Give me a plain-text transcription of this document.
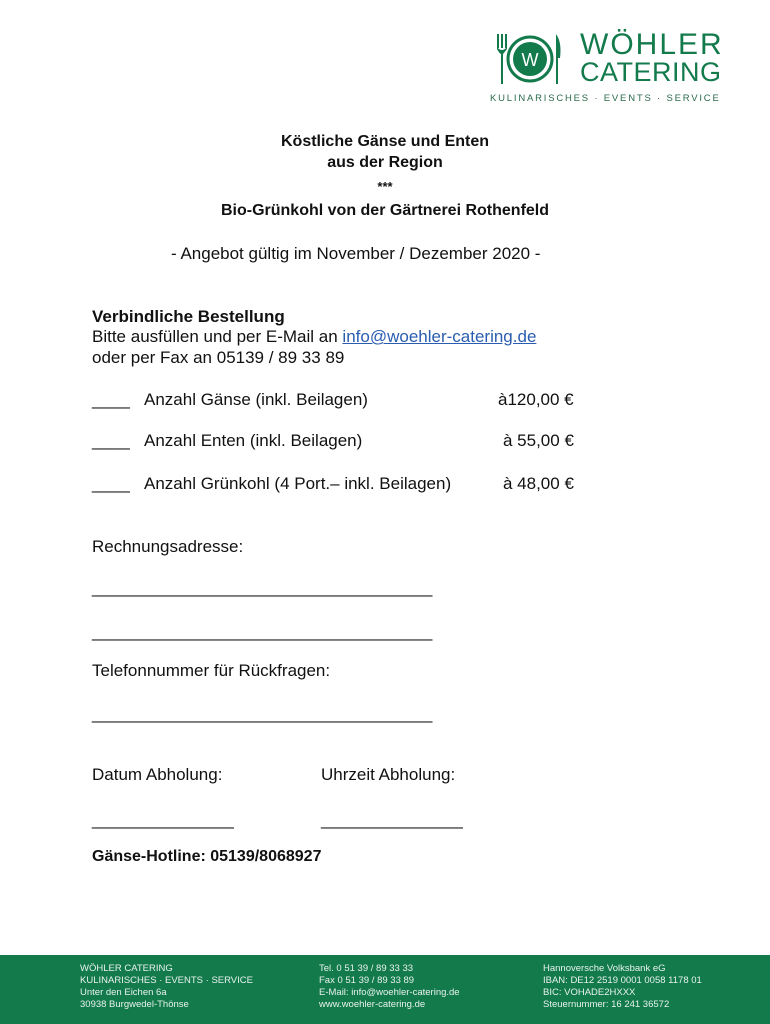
W WÖHLER
CATERING
KULINARISCHES · EVENTS · SERVICE
Köstliche Gänse und Enten
aus der Region
***
Bio-Grünkohl von der Gärtnerei Rothenfeld
- Angebot gültig im November / Dezember 2020 -
Verbindliche Bestellung
Bitte ausfüllen und per E-Mail an info@woehler-catering.de
oder per Fax an 05139 / 89 33 89
____ Anzahl Gänse (inkl. Beilagen)	à120,00 €
____ Anzahl Enten (inkl. Beilagen)	à 55,00 €
____ Anzahl Grünkohl (4 Port.– inkl. Beilagen)	à 48,00 €
Rechnungsadresse:
____________________________________
____________________________________
Telefonnummer für Rückfragen:
____________________________________
Datum Abholung:	Uhrzeit Abholung:
_______________	_______________
Gänse-Hotline: 05139/8068927
WÖHLER CATERING
KULINARISCHES · EVENTS · SERVICE
Unter den Eichen 6a
30938 Burgwedel-Thönse
Tel. 0 51 39 / 89 33 33
Fax 0 51 39 / 89 33 89
E-Mail: info@woehler-catering.de
www.woehler-catering.de
Hannoversche Volksbank eG
IBAN: DE12 2519 0001 0058 1178 01
BIC: VOHADE2HXXX
Steuernummer: 16 241 36572
